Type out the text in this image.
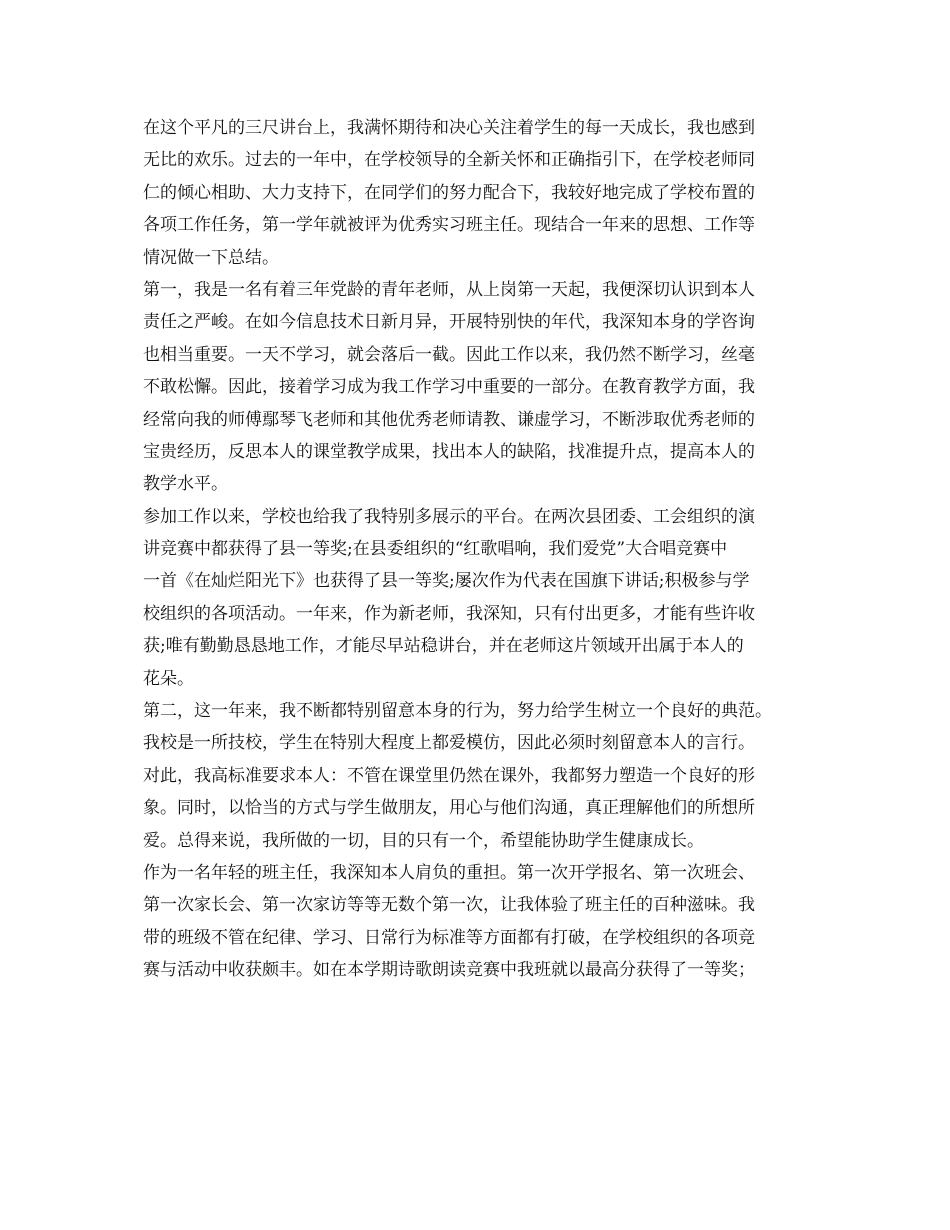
在这个平凡的三尺讲台上，我满怀期待和决心关注着学生的每一天成长，我也感到
无比的欢乐。过去的一年中，在学校领导的全新关怀和正确指引下，在学校老师同
仁的倾心相助、大力支持下，在同学们的努力配合下，我较好地完成了学校布置的
各项工作任务，第一学年就被评为优秀实习班主任。现结合一年来的思想、工作等
情况做一下总结。
第一，我是一名有着三年党龄的青年老师，从上岗第一天起，我便深切认识到本人
责任之严峻。在如今信息技术日新月异，开展特别快的年代，我深知本身的学咨询
也相当重要。一天不学习，就会落后一截。因此工作以来，我仍然不断学习，丝毫
不敢松懈。因此，接着学习成为我工作学习中重要的一部分。在教育教学方面，我
经常向我的师傅鄢琴飞老师和其他优秀老师请教、谦虚学习，不断涉取优秀老师的
宝贵经历，反思本人的课堂教学成果，找出本人的缺陷，找准提升点，提高本人的
教学水平。
参加工作以来，学校也给我了我特别多展示的平台。在两次县团委、工会组织的演
讲竞赛中都获得了县一等奖;在县委组织的“红歌唱响，我们爱党”大合唱竞赛中
一首《在灿烂阳光下》也获得了县一等奖;屡次作为代表在国旗下讲话;积极参与学
校组织的各项活动。一年来，作为新老师，我深知，只有付出更多，才能有些许收
获;唯有勤勤恳恳地工作，才能尽早站稳讲台，并在老师这片领域开出属于本人的
花朵。
第二，这一年来，我不断都特别留意本身的行为，努力给学生树立一个良好的典范。
我校是一所技校，学生在特别大程度上都爱模仿，因此必须时刻留意本人的言行。
对此，我高标准要求本人：不管在课堂里仍然在课外，我都努力塑造一个良好的形
象。同时，以恰当的方式与学生做朋友，用心与他们沟通，真正理解他们的所想所
爱。总得来说，我所做的一切，目的只有一个，希望能协助学生健康成长。
作为一名年轻的班主任，我深知本人肩负的重担。第一次开学报名、第一次班会、
第一次家长会、第一次家访等等无数个第一次，让我体验了班主任的百种滋味。我
带的班级不管在纪律、学习、日常行为标准等方面都有打破，在学校组织的各项竞
赛与活动中收获颇丰。如在本学期诗歌朗读竞赛中我班就以最高分获得了一等奖；
